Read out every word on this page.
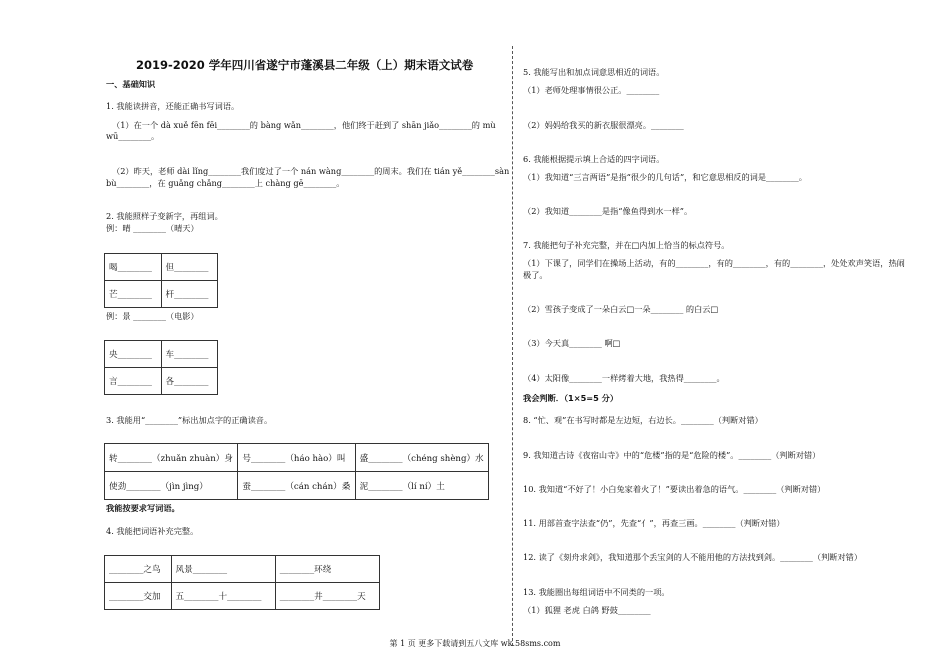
2019-2020 学年四川省遂宁市蓬溪县二年级（上）期末语文试卷
一、基础知识
1. 我能读拼音，还能正确书写词语。
（1）在一个 dà xuě fēn fēi________的 bàng wǎn________，他们终于赶到了 shān jiǎo________的 mù
wū________。
（2）昨天，老师 dài lǐng________我们度过了一个 nán wàng________的周末。我们在 tián yě________sàn
bù________，在 guǎng chǎng________上 chàng gē________。
2. 我能照样子变新字，再组词。
例：晴 ________（晴天）
喝________	但________
芒________	杆________
例：景 ________（电影）
央________	车________
言________	各________
3. 我能用“________”标出加点字的正确读音。
转________（zhuǎn zhuàn）身	号________（háo hào）叫	盛________（chéng shèng）水
使劲________（jìn jìng）	蚕________（cán chán）桑	泥________（lí ní）土
我能按要求写词语。
4. 我能把词语补充完整。
________之鸟	风景________	________环绕
________交加	五________十________	________井________天
5. 我能写出和加点词意思相近的词语。
（1）老师处理事情很公正。________
（2）妈妈给我买的新衣服很漂亮。________
6. 我能根据提示填上合适的四字词语。
（1）我知道“三言两语”是指“很少的几句话”，和它意思相反的词是________。
（2）我知道________是指“像鱼得到水一样”。
7. 我能把句子补充完整，并在□内加上恰当的标点符号。
（1）下课了，同学们在操场上活动，有的________，有的________，有的________，处处欢声笑语，热闹
极了。
（2）雪孩子变成了一朵白云□一朵________ 的白云□
（3）今天真________ 啊□
（4）太阳像________一样烤着大地，我热得________。
我会判断．（1×5=5 分）
8. “忙、观”在书写时都是左边短，右边长。________（判断对错）
9. 我知道古诗《夜宿山寺》中的“危楼”指的是“危险的楼”。________（判断对错）
10. 我知道“不好了！小白兔家着火了！”要读出着急的语气。________（判断对错）
11. 用部首查字法查“仍”，先查“亻”，再查三画。________（判断对错）
12. 读了《刻舟求剑》，我知道那个丢宝剑的人不能用他的方法找到剑。________（判断对错）
13. 我能圈出每组词语中不同类的一项。
（1）狐狸 老虎 白鸽 野鼓________
第 1 页 更多下载请到五八文库 wk.58sms.com
